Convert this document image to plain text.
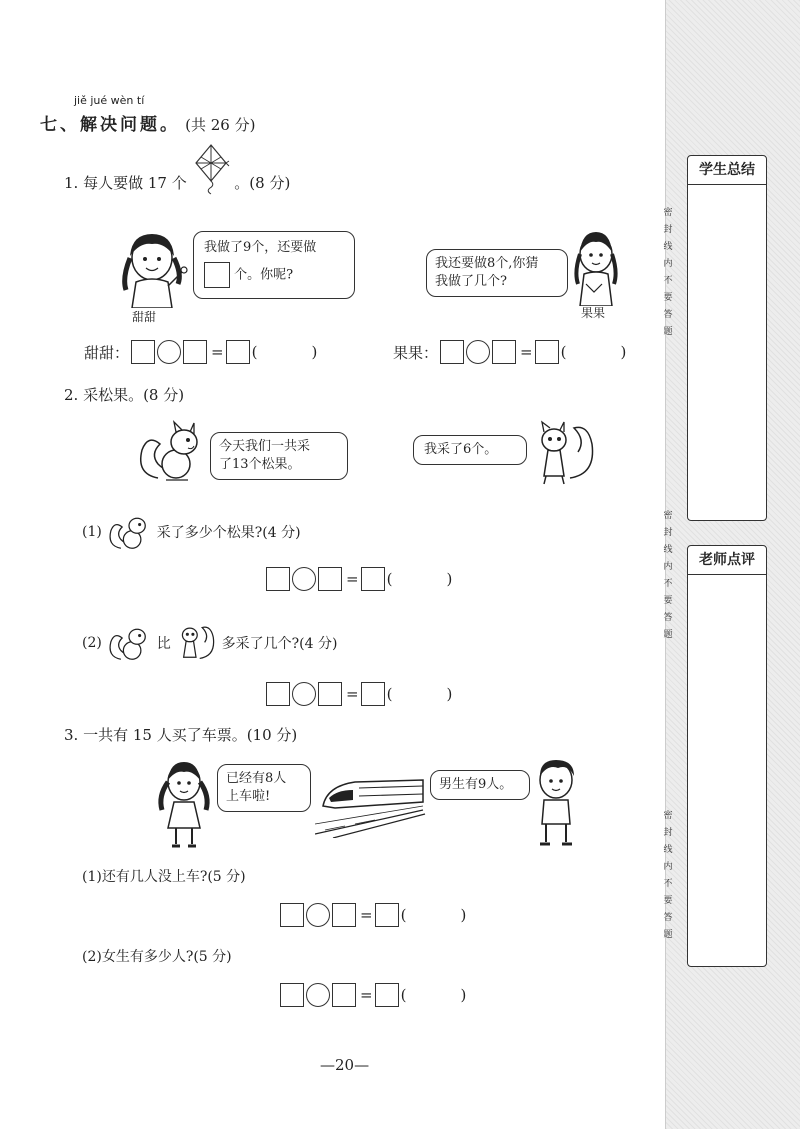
jiě jué wèn tí
七、解决问题。 (共 26 分)
1. 每人要做 17 个	。(8 分)
甜甜
我做了9个，还要做
个。你呢?
我还要做8个,你猜
我做了几个?
果果
甜甜：	= (	)	果果：	= (	)
2. 采松果。(8 分)
今天我们一共采
了13个松果。
我采了6个。
(1)	采了多少个松果?(4 分)
= (	)
(2)	比	多采了几个?(4 分)
= (	)
3. 一共有 15 人买了车票。(10 分)
已经有8人
上车啦!
男生有9人。
(1)还有几人没上车?(5 分)
= (	)
(2)女生有多少人?(5 分)
= (	)
—20—
学生总结
老师点评
密
封
线
内
不
要
答
题
密
封
线
内
不
要
答
题
密
封
线
内
不
要
答
题
